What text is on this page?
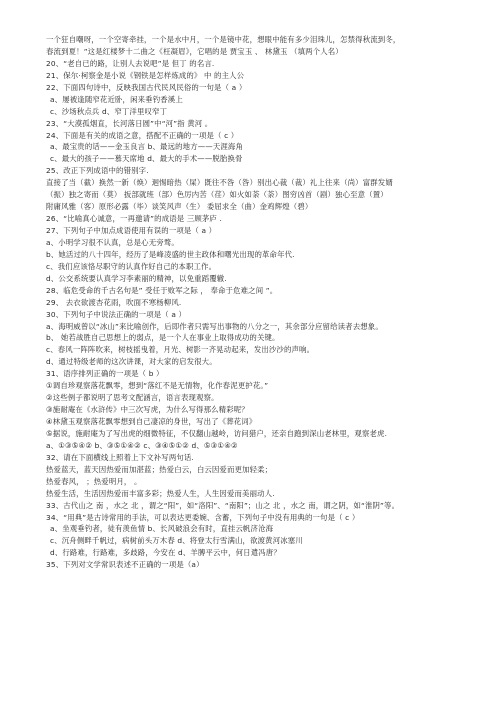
一个狂自嘲呀，一个空寄牵挂，一个是水中月，一个是镜中花，想眼中能有多少泪珠儿，怎禁得秋流到冬，
春流到夏！”这是红楼梦十二曲之《枉凝眉》，它唱的是 贾宝玉 、 林黛玉 （填两个人名）
20、“老自已的路，让别人去说吧”是 但丁 的名言.
21、保尔·柯察金是小说《钢铁是怎样炼成的》 中 的主人公
22、下面四句诗中，反映我国古代民风民俗的一句是（ a ）
a、屡被逢随窄花近卧，闲来垂钓香溪上
c、沙场秋点兵 d、窄丁洋里叹窄丁
23、“大漠孤烟直，长河落日圆”中“河”指 黄河 。
24、下面是有关的成语之意，搭配不正确的一项是（ c ）
a、最宝贵的话——金玉良言 b、最远的地方——天涯海角
c、最大的孩子——慕天席地 d、最大的手术——脱胎换骨
25、改正下列成语中的错别字.
直接了当（截）换然一新（焕）迴惕暗热（屎）既往不咎（咎）别出心裁（裁）礼上往来（尚）富群发婿
（振）独之寄而（莫） 扳部就班（部）色厉内苦（荏）如火如荼（荼）图穷凶首（剧）独心至意（置）
附庸风雅（客）原形必露（毕）谈笑风声（生） 委屈求全（曲）金鸡辉煌（碧）
26、“比喻真心诚意，一再邀请”的成语是 三顾茅庐 .
27、下列句子中加点成语使用有误的一项是（ a ）
a、小明学习很不认真，总是心无旁骛。
b、她活过的八十四年，经历了是峰凌盛的世主政体和曙光出现的革命年代.
c、我们应该恪尽职守的认真作好自己的本职工作。
d、公交系统要认真学习李素丽的精神，以免重蹈覆辙.
28、临危受命的千古名句是” 受任于败军之际 ， 奉命于危难之间 ”。
29、 去衣欲渡杏花雨，吹面不寒杨柳风.
30、下列句子中说法正确的一项是（ a ）
a、海明威曾以“冰山”来比喻创作，后即作者只需写出事物的八分之一，其余部分应留给读者去想象。
b、 她若战胜自己思想上的弱点，是一个人在事业上取得成功的关键。
c、春风一阵阵吹来，树枝摇曳着，月光、树影一齐晃动起来，发出沙沙的声响。
d、通过特级老师的这次讲课，对大家的启发很大。
31、语序排列正确的一项是（ b ）
①调自珍观察落花飘零，想到“落红不是无情物，化作春泥更护花。”
②这些例子都说明了思考文配涵言，语言表现观察。
③施耐庵在《水浒传》中三次写虎，为什么写得那么精彩呢？
④林黛玉观察落花飘零想到自己凄凉的身世，写出了《葬花词》
⑤据说，施耐庵为了写出虎的细微特征，不仅翻山越岭，访问猎户，还亲自跑到深山老林里，观察老虎.
a、①③⑤④② b、③⑤①④② c、③④⑤①② d、⑤③①④②
32、请在下面横线上照着上下文补写两句话.
热爱蓝天，蓝天因热爱而加湛蓝；热爱白云，白云因爱而更加轻柔；
热爱春风， ；热爱明月， 。
热爱生活，生活因热爱而丰富多彩；热爱人生，人生因爱而美丽动人.
33、古代山之 南 ，水之 北 ，谓之“阳”，如“洛阳”、“南阳”；山之 北 ，水之 南，谓之阴，如“淮阴”等。
34、“用典”是古诗常用的手法，可以表达更委婉、含蓄，下列句子中没有用典的一句是（ c ）
a、坐观垂钓者，徒有羡鱼情 b、长风破浪会有时，直挂云帆济沧海
c、沉舟侧畔千帆过，病树前头万木春 d、将登太行雪满山，欲渡黄河冰塞川
d、行路难，行路难，多歧路，今安在 d、羊膊平云中，何日遣冯唐？
35、下列对文学常识表述不正确的一项是（a）
